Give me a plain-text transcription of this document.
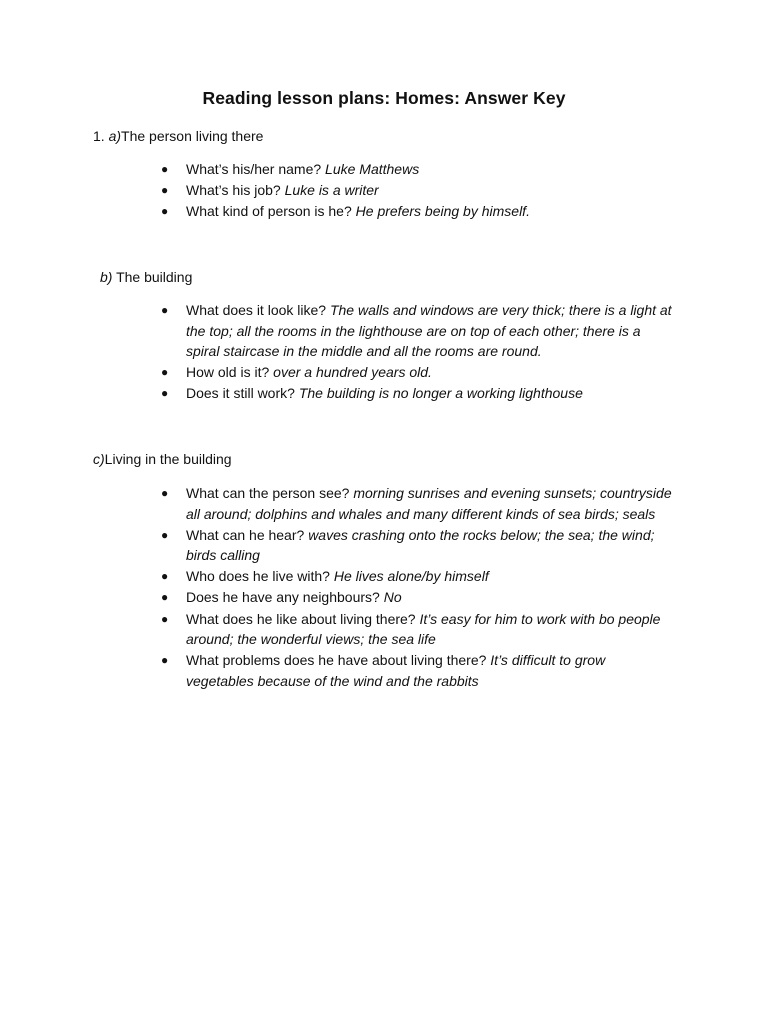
Reading lesson plans: Homes: Answer Key
1. a)The person living there
● What’s his/her name? Luke Matthews
● What’s his job? Luke is a writer
● What kind of person is he? He prefers being by himself.
b) The building
● What does it look like? The walls and windows are very thick; there is a light at the top; all the rooms in the lighthouse are on top of each other; there is a spiral staircase in the middle and all the rooms are round.
● How old is it? over a hundred years old.
● Does it still work? The building is no longer a working lighthouse
c)Living in the building
● What can the person see? morning sunrises and evening sunsets; countryside all around; dolphins and whales and many different kinds of sea birds; seals
● What can he hear? waves crashing onto the rocks below; the sea; the wind; birds calling
● Who does he live with? He lives alone/by himself
● Does he have any neighbours? No
● What does he like about living there? It’s easy for him to work with bo people around; the wonderful views; the sea life
● What problems does he have about living there? It’s difficult to grow vegetables because of the wind and the rabbits
